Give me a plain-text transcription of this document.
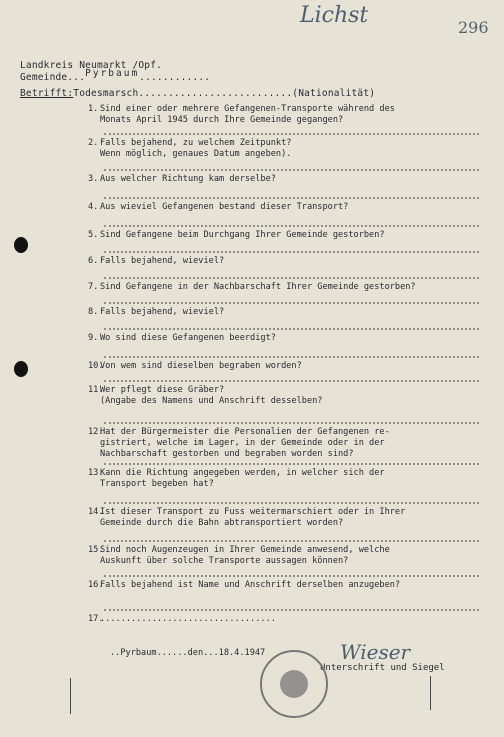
Lichst	296
Landkreis Neumarkt /Opf.
Gemeinde...Pyrbaum............
Betrifft:Todesmarsch..........................(Nationalität)
1. Sind einer oder mehrere Gefangenen-Transporte während des
Monats April 1945 durch Ihre Gemeinde gegangen?
2. Falls bejahend, zu welchem Zeitpunkt?
Wenn möglich, genaues Datum angeben).
3. Aus welcher Richtung kam derselbe?
4. Aus wieviel Gefangenen bestand dieser Transport?
5. Sind Gefangene beim Durchgang Ihrer Gemeinde gestorben?
6. Falls bejahend, wieviel?
7. Sind Gefangene in der Nachbarschaft Ihrer Gemeinde gestorben?
8. Falls bejahend, wieviel?
9. Wo sind diese Gefangenen beerdigt?
10.
Von wem sind dieselben begraben worden?
11.
Wer pflegt diese Gräber?
(Angabe des Namens und Anschrift desselben?
12.
Hat der Bürgermeister die Personalien der Gefangenen re-
gistriert, welche im Lager, in der Gemeinde oder in der
Nachbarschaft gestorben und begraben worden sind?
13.
Kann die Richtung angegeben werden, in welcher sich der
Transport begeben hat?
14.
Ist dieser Transport zu Fuss weitermarschiert oder in Ihrer
Gemeinde durch die Bahn abtransportiert worden?
15.
Sind noch Augenzeugen in Ihrer Gemeinde anwesend, welche
Auskunft über solche Transporte aussagen können?
16.
Falls bejahend ist Name und Anschrift derselben anzugeben?
17.
..................................
..Pyrbaum......den...18.4.1947	Wieser
Unterschrift und Siegel
